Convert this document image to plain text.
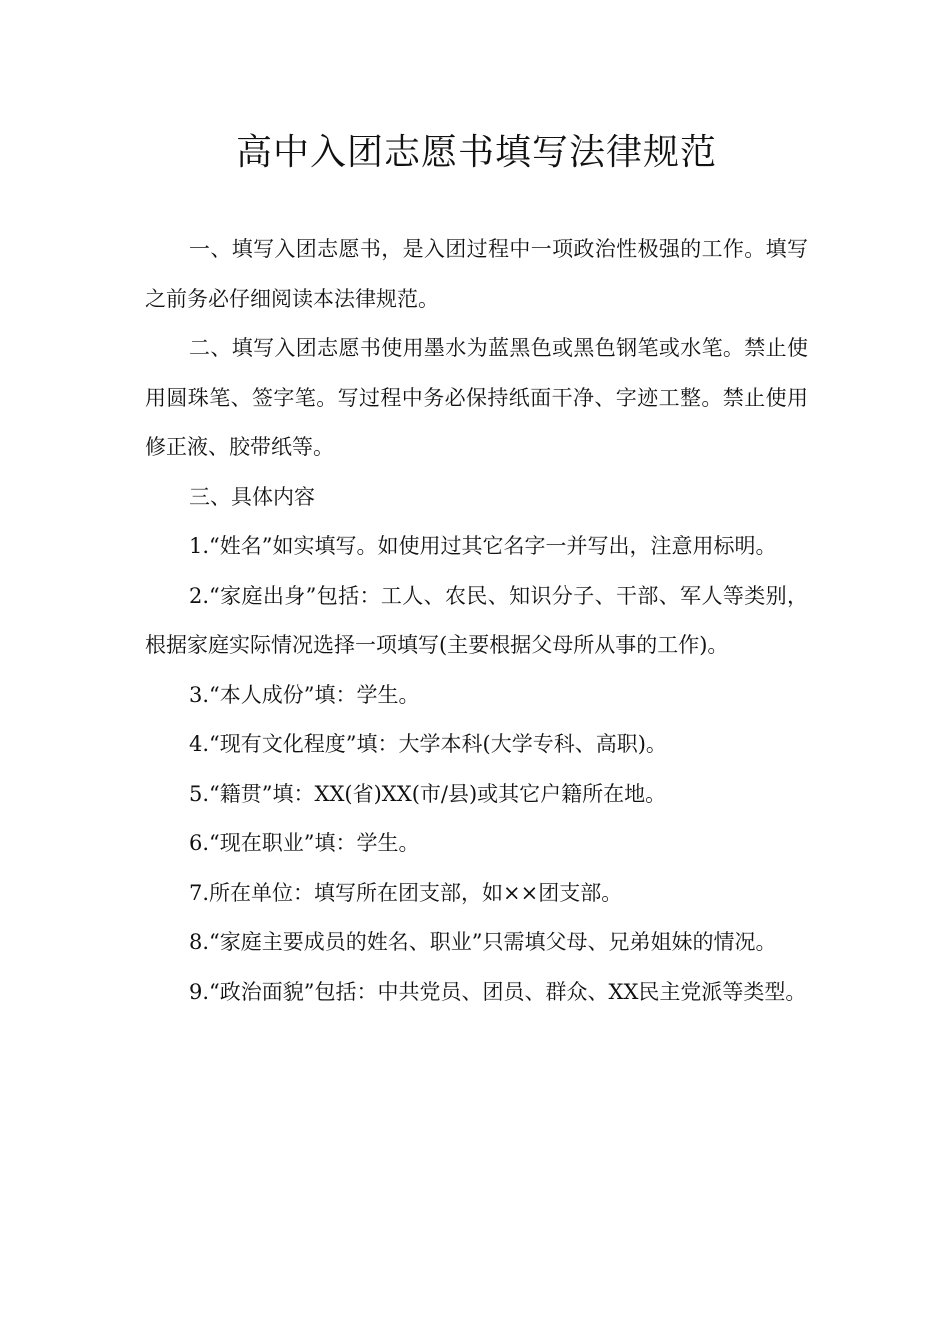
高中入团志愿书填写法律规范

一、填写入团志愿书，是入团过程中一项政治性极强的工作。填写之前务必仔细阅读本法律规范。

二、填写入团志愿书使用墨水为蓝黑色或黑色钢笔或水笔。禁止使用圆珠笔、签字笔。写过程中务必保持纸面干净、字迹工整。禁止使用修正液、胶带纸等。

三、具体内容

1.“姓名”如实填写。如使用过其它名字一并写出，注意用标明。

2.“家庭出身”包括：工人、农民、知识分子、干部、军人等类别，根据家庭实际情况选择一项填写(主要根据父母所从事的工作)。

3.“本人成份”填：学生。

4.“现有文化程度”填：大学本科(大学专科、高职)。

5.“籍贯”填：XX(省)XX(市/县)或其它户籍所在地。

6.“现在职业”填：学生。

7.所在单位：填写所在团支部，如××团支部。

8.“家庭主要成员的姓名、职业”只需填父母、兄弟姐妹的情况。

9.“政治面貌”包括：中共党员、团员、群众、XX民主党派等类型。
